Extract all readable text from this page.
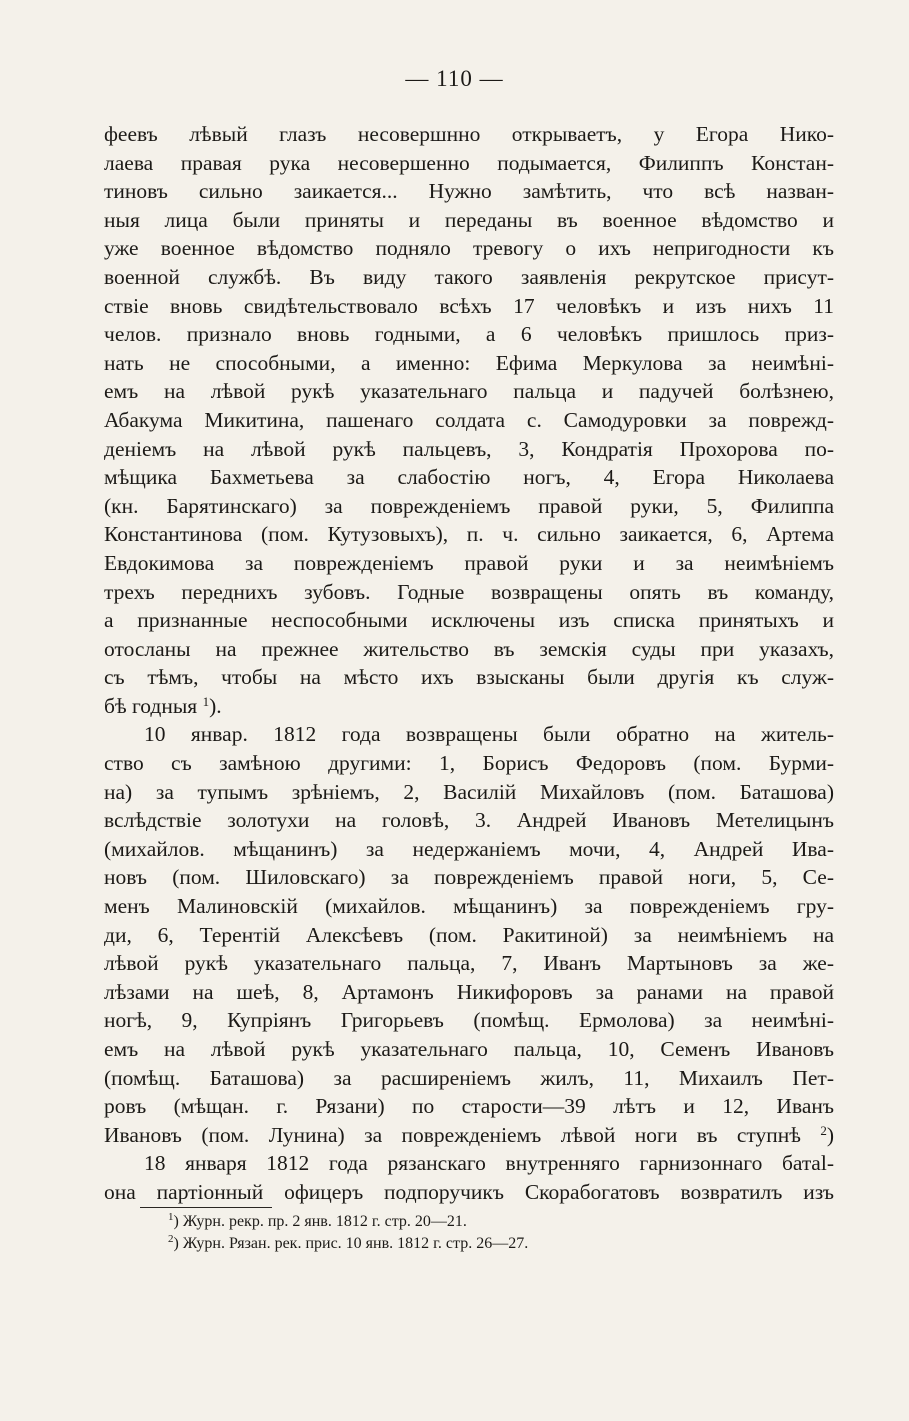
— 110 —
феевъ лѣвый глазъ несовершнно открываетъ, у Егора Нико-
лаева правая рука несовершенно подымается, Филиппъ Констан-
тиновъ сильно заикается... Нужно замѣтить, что всѣ назван-
ныя лица были приняты и переданы въ военное вѣдомство и
уже военное вѣдомство подняло тревогу о ихъ непригодности къ
военной службѣ. Въ виду такого заявленія рекрутское присут-
ствіе вновь свидѣтельствовало всѣхъ 17 человѣкъ и изъ нихъ 11
челов. признало вновь годными, а 6 человѣкъ пришлось приз-
нать не способными, а именно: Ефима Меркулова за неимѣні-
емъ на лѣвой рукѣ указательнаго пальца и падучей болѣзнею,
Абакума Микитина, пашенаго солдата с. Самодуровки за поврежд-
деніемъ на лѣвой рукѣ пальцевъ, 3, Кондратія Прохорова по-
мѣщика Бахметьева за слабостію ногъ, 4, Егора Николаева
(кн. Барятинскаго) за поврежденіемъ правой руки, 5, Филиппа
Константинова (пом. Кутузовыхъ), п. ч. сильно заикается, 6, Артема
Евдокимова за поврежденіемъ правой руки и за неимѣніемъ
трехъ переднихъ зубовъ. Годные возвращены опять въ команду,
а признанные неспособными исключены изъ списка принятыхъ и
отосланы на прежнее жительство въ земскія суды при указахъ,
съ тѣмъ, чтобы на мѣсто ихъ взысканы были другія къ служ-
бѣ годныя $^1$).
10 январ. 1812 года возвращены были обратно на житель-
ство съ замѣною другими: 1, Борисъ Федоровъ (пом. Бурми-
на) за тупымъ зрѣніемъ, 2, Василій Михайловъ (пом. Баташова)
вслѣдствіе золотухи на головѣ, 3. Андрей Ивановъ Метелицынъ
(михайлов. мѣщанинъ) за недержаніемъ мочи, 4, Андрей Ива-
новъ (пом. Шиловскаго) за поврежденіемъ правой ноги, 5, Се-
менъ Малиновскій (михайлов. мѣщанинъ) за поврежденіемъ гру-
ди, 6, Терентій Алексѣевъ (пом. Ракитиной) за неимѣніемъ на
лѣвой рукѣ указательнаго пальца, 7, Иванъ Мартыновъ за же-
лѣзами на шеѣ, 8, Артамонъ Никифоровъ за ранами на правой
ногѣ, 9, Купріянъ Григорьевъ (помѣщ. Ермолова) за неимѣні-
емъ на лѣвой рукѣ указательнаго пальца, 10, Семенъ Ивановъ
(помѣщ. Баташова) за расширеніемъ жилъ, 11, Михаилъ Пет-
ровъ (мѣщан. г. Рязани) по старости—39 лѣтъ и 12, Иванъ
Ивановъ (пом. Лунина) за поврежденіемъ лѣвой ноги въ ступнѣ $^2$)
18 января 1812 года рязанскаго внутренняго гарнизоннаго батal-
она партіонный офицеръ подпоручикъ Скорабогатовъ возвратилъ изъ
$^1$) Журн. рекр. пр. 2 янв. 1812 г. стр. 20—21.
$^2$) Журн. Рязан. рек. прис. 10 янв. 1812 г. стр. 26—27.
